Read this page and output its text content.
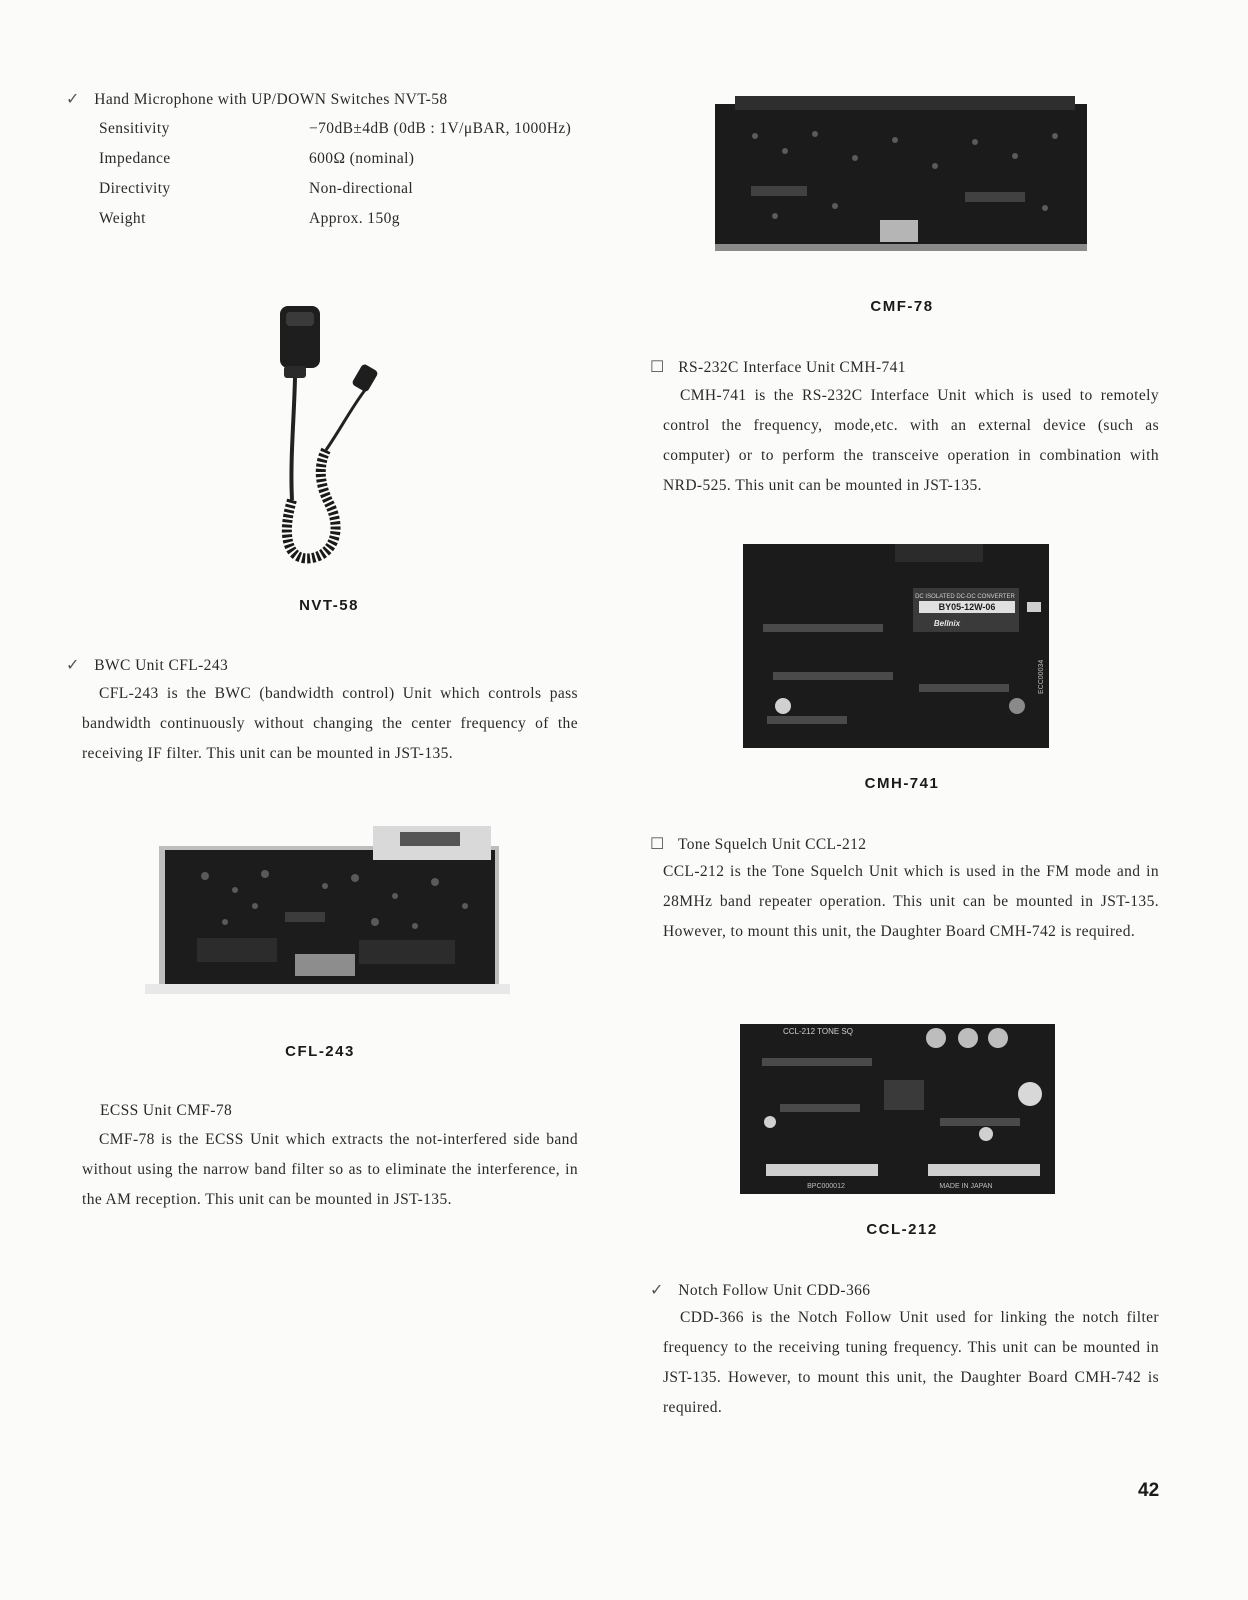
✓ Hand Microphone with UP/DOWN Switches NVT-58
Sensitivity	−70dB±4dB (0dB : 1V/μBAR, 1000Hz)
Impedance	600Ω (nominal)
Directivity	Non-directional
Weight	Approx. 150g
NVT-58
✓ BWC Unit CFL-243
CFL-243 is the BWC (bandwidth control) Unit which controls pass bandwidth continuously without changing the center frequency of the receiving IF filter. This unit can be mounted in JST-135.
CFL-243
ECSS Unit CMF-78
CMF-78 is the ECSS Unit which extracts the not-interfered side band without using the narrow band filter so as to eliminate the interference, in the AM reception. This unit can be mounted in JST-135.
CMF-78
☐ RS-232C Interface Unit CMH-741
CMH-741 is the RS-232C Interface Unit which is used to remotely control the frequency, mode,etc. with an external device (such as computer) or to perform the transceive operation in combination with NRD-525. This unit can be mounted in JST-135.
DC ISOLATED DC-DC CONVERTER
BY05-12W-06
Bellnix
ECC00034
CMH-741
☐ Tone Squelch Unit CCL-212
CCL-212 is the Tone Squelch Unit which is used in the FM mode and in 28MHz band repeater operation. This unit can be mounted in JST-135. However, to mount this unit, the Daughter Board CMH-742 is required.
CCL-212 TONE SQ
BPC000012	MADE IN JAPAN
CCL-212
✓ Notch Follow Unit CDD-366
CDD-366 is the Notch Follow Unit used for linking the notch filter frequency to the receiving tuning frequency. This unit can be mounted in JST-135. However, to mount this unit, the Daughter Board CMH-742 is required.
42
